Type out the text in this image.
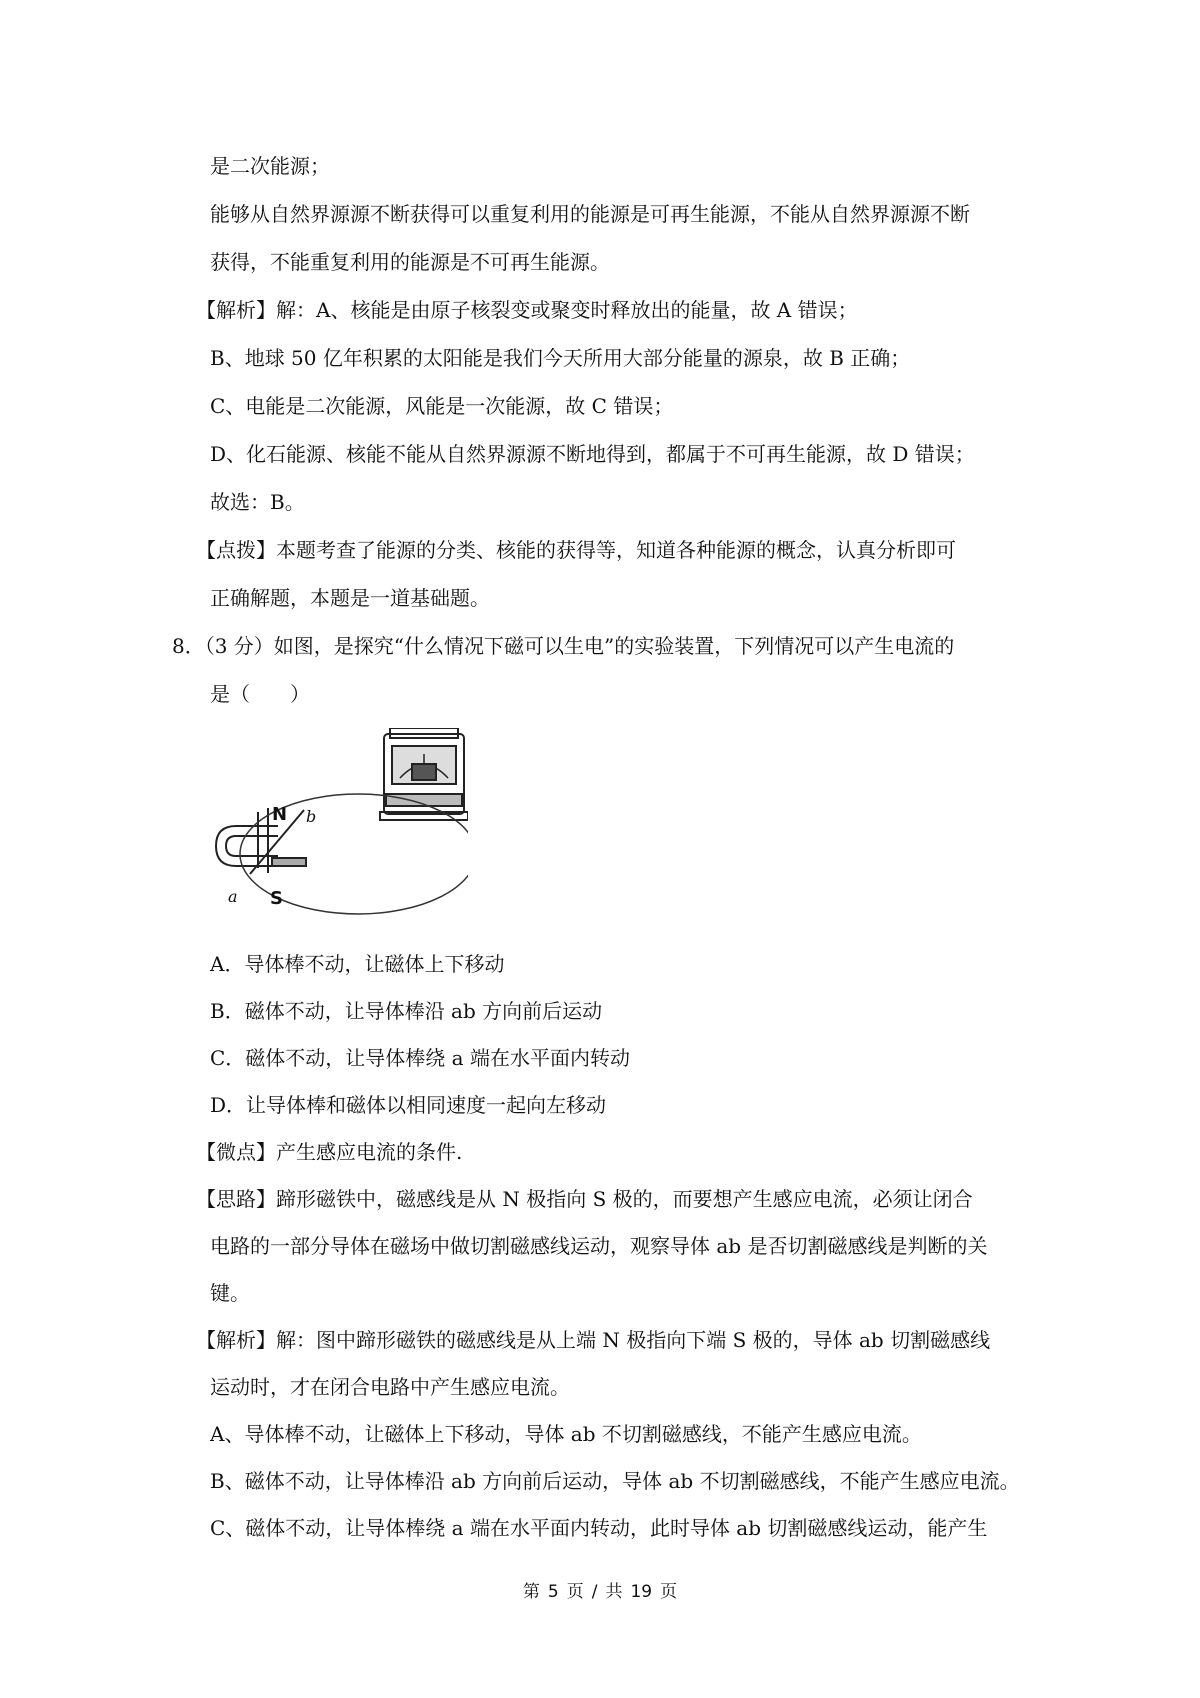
是二次能源；
能够从自然界源源不断获得可以重复利用的能源是可再生能源，不能从自然界源源不断
获得，不能重复利用的能源是不可再生能源。
【解析】解：A、核能是由原子核裂变或聚变时释放出的能量，故 A 错误；
B、地球 50 亿年积累的太阳能是我们今天所用大部分能量的源泉，故 B 正确；
C、电能是二次能源，风能是一次能源，故 C 错误；
D、化石能源、核能不能从自然界源源不断地得到，都属于不可再生能源，故 D 错误；
故选：B。
【点拨】本题考查了能源的分类、核能的获得等，知道各种能源的概念，认真分析即可
正确解题，本题是一道基础题。
8．（3 分）如图，是探究“什么情况下磁可以生电”的实验装置，下列情况可以产生电流的
是（　　）
N
S
a
b
A．导体棒不动，让磁体上下移动
B．磁体不动，让导体棒沿 ab 方向前后运动
C．磁体不动，让导体棒绕 a 端在水平面内转动
D．让导体棒和磁体以相同速度一起向左移动
【微点】产生感应电流的条件.
【思路】蹄形磁铁中，磁感线是从 N 极指向 S 极的，而要想产生感应电流，必须让闭合
电路的一部分导体在磁场中做切割磁感线运动，观察导体 ab 是否切割磁感线是判断的关
键。
【解析】解：图中蹄形磁铁的磁感线是从上端 N 极指向下端 S 极的，导体 ab 切割磁感线
运动时，才在闭合电路中产生感应电流。
A、导体棒不动，让磁体上下移动，导体 ab 不切割磁感线，不能产生感应电流。
B、磁体不动，让导体棒沿 ab 方向前后运动，导体 ab 不切割磁感线，不能产生感应电流。
C、磁体不动，让导体棒绕 a 端在水平面内转动，此时导体 ab 切割磁感线运动，能产生
第 5 页 / 共 19 页
